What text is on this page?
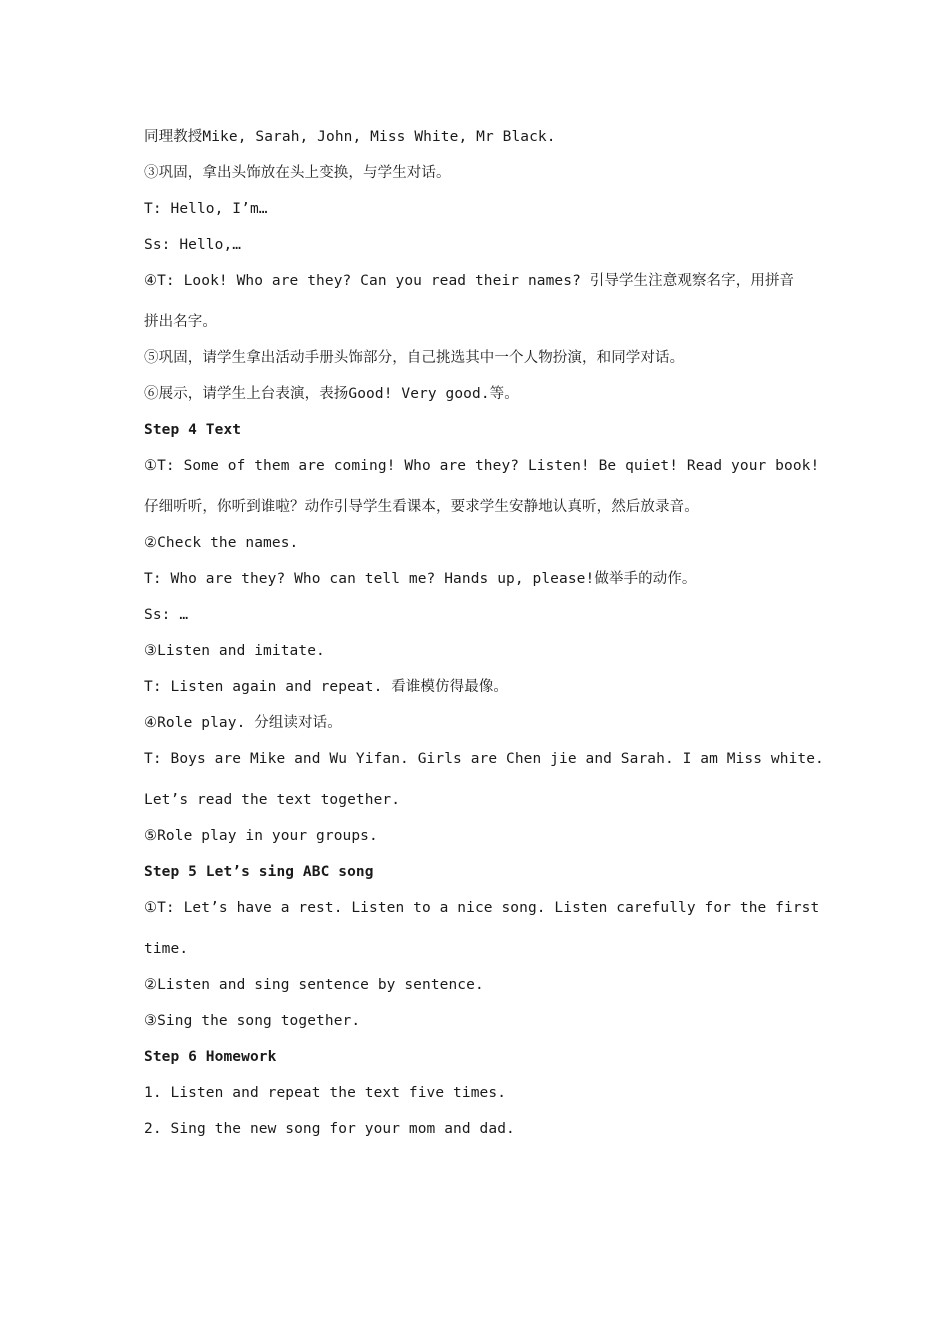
同理教授Mike, Sarah, John, Miss White, Mr Black.
③巩固，拿出头饰放在头上变换，与学生对话。
T: Hello, I’m…
Ss: Hello,…
④T: Look! Who are they? Can you read their names? 引导学生注意观察名字，用拼音
拼出名字。
⑤巩固，请学生拿出活动手册头饰部分，自己挑选其中一个人物扮演，和同学对话。
⑥展示，请学生上台表演，表扬Good! Very good.等。
Step 4 Text
①T: Some of them are coming! Who are they? Listen! Be quiet! Read your book!
仔细听听，你听到谁啦？动作引导学生看课本，要求学生安静地认真听，然后放录音。
②Check the names.
T: Who are they? Who can tell me? Hands up, please!做举手的动作。
Ss: …
③Listen and imitate.
T: Listen again and repeat. 看谁模仿得最像。
④Role play. 分组读对话。
T: Boys are Mike and Wu Yifan. Girls are Chen jie and Sarah. I am Miss white.
Let’s read the text together.
⑤Role play in your groups.
Step 5 Let’s sing ABC song
①T: Let’s have a rest. Listen to a nice song. Listen carefully for the first
time.
②Listen and sing sentence by sentence.
③Sing the song together.
Step 6 Homework
1. Listen and repeat the text five times.
2. Sing the new song for your mom and dad.
